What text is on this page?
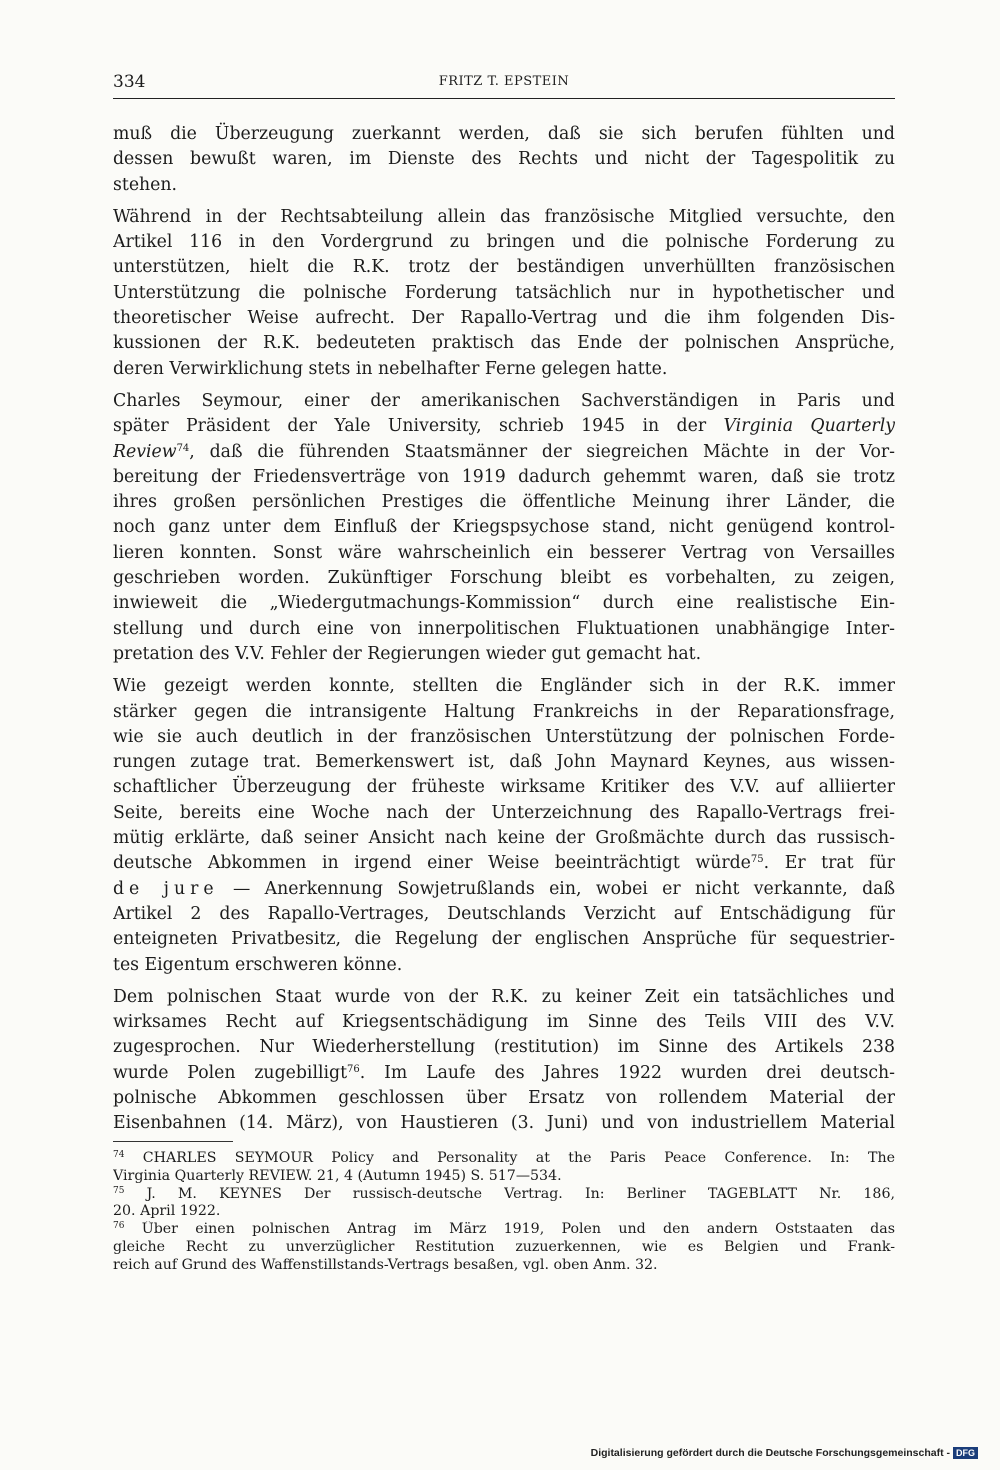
334	FRITZ T. EPSTEIN
muß die Überzeugung zuerkannt werden, daß sie sich berufen fühlten und
dessen bewußt waren, im Dienste des Rechts und nicht der Tagespolitik zu
stehen.
Während in der Rechtsabteilung allein das französische Mitglied versuchte, den
Artikel 116 in den Vordergrund zu bringen und die polnische Forderung zu
unterstützen, hielt die R.K. trotz der beständigen unverhüllten französischen
Unterstützung die polnische Forderung tatsächlich nur in hypothetischer und
theoretischer Weise aufrecht. Der Rapallo-Vertrag und die ihm folgenden Dis-
kussionen der R.K. bedeuteten praktisch das Ende der polnischen Ansprüche,
deren Verwirklichung stets in nebelhafter Ferne gelegen hatte.
Charles Seymour, einer der amerikanischen Sachverständigen in Paris und
später Präsident der Yale University, schrieb 1945 in der Virginia Quarterly
Review$^{74}$, daß die führenden Staatsmänner der siegreichen Mächte in der Vor-
bereitung der Friedensverträge von 1919 dadurch gehemmt waren, daß sie trotz
ihres großen persönlichen Prestiges die öffentliche Meinung ihrer Länder, die
noch ganz unter dem Einfluß der Kriegspsychose stand, nicht genügend kontrol-
lieren konnten. Sonst wäre wahrscheinlich ein besserer Vertrag von Versailles
geschrieben worden. Zukünftiger Forschung bleibt es vorbehalten, zu zeigen,
inwieweit die „Wiedergutmachungs-Kommission“ durch eine realistische Ein-
stellung und durch eine von innerpolitischen Fluktuationen unabhängige Inter-
pretation des V.V. Fehler der Regierungen wieder gut gemacht hat.
Wie gezeigt werden konnte, stellten die Engländer sich in der R.K. immer
stärker gegen die intransigente Haltung Frankreichs in der Reparationsfrage,
wie sie auch deutlich in der französischen Unterstützung der polnischen Forde-
rungen zutage trat. Bemerkenswert ist, daß John Maynard Keynes, aus wissen-
schaftlicher Überzeugung der früheste wirksame Kritiker des V.V. auf alliierter
Seite, bereits eine Woche nach der Unterzeichnung des Rapallo-Vertrags frei-
mütig erklärte, daß seiner Ansicht nach keine der Großmächte durch das russisch-
deutsche Abkommen in irgend einer Weise beeinträchtigt würde$^{75}$. Er trat für
de jure — Anerkennung Sowjetrußlands ein, wobei er nicht verkannte, daß
Artikel 2 des Rapallo-Vertrages, Deutschlands Verzicht auf Entschädigung für
enteigneten Privatbesitz, die Regelung der englischen Ansprüche für sequestrier-
tes Eigentum erschweren könne.
Dem polnischen Staat wurde von der R.K. zu keiner Zeit ein tatsächliches und
wirksames Recht auf Kriegsentschädigung im Sinne des Teils VIII des V.V.
zugesprochen. Nur Wiederherstellung (restitution) im Sinne des Artikels 238
wurde Polen zugebilligt$^{76}$. Im Laufe des Jahres 1922 wurden drei deutsch-
polnische Abkommen geschlossen über Ersatz von rollendem Material der
Eisenbahnen (14. März), von Haustieren (3. Juni) und von industriellem Material
$^{74}$ CHARLES SEYMOUR Policy and Personality at the Paris Peace Conference. In: The
Virginia Quarterly REVIEW. 21, 4 (Autumn 1945) S. 517—534.
$^{75}$ J. M. KEYNES Der russisch-deutsche Vertrag. In: Berliner TAGEBLATT Nr. 186,
20. April 1922.
$^{76}$ Über einen polnischen Antrag im März 1919, Polen und den andern Oststaaten das
gleiche Recht zu unverzüglicher Restitution zuzuerkennen, wie es Belgien und Frank-
reich auf Grund des Waffenstillstands-Vertrags besaßen, vgl. oben Anm. 32.
Digitalisierung gefördert durch die Deutsche Forschungsgemeinschaft - DFG
